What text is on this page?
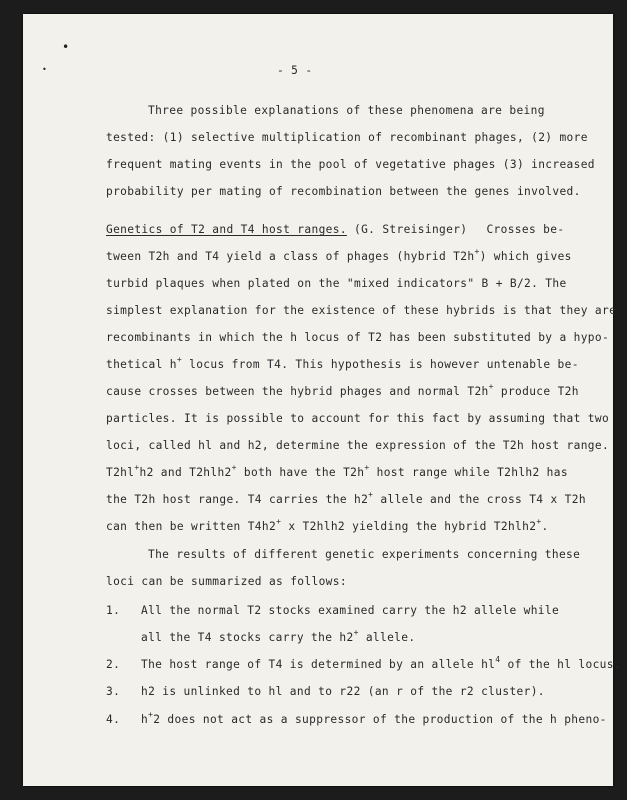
•
•	- 5 -
Three possible explanations of these phenomena are being
tested: (1) selective multiplication of recombinant phages, (2) more
frequent mating events in the pool of vegetative phages (3) increased
probability per mating of recombination between the genes involved.
Genetics of T2 and T4 host ranges. (G. Streisinger) Crosses be-
tween T2h and T4 yield a class of phages (hybrid T2h+) which gives
turbid plaques when plated on the "mixed indicators" B + B/2. The
simplest explanation for the existence of these hybrids is that they are
recombinants in which the h locus of T2 has been substituted by a hypo-
thetical h+ locus from T4. This hypothesis is however untenable be-
cause crosses between the hybrid phages and normal T2h+ produce T2h
particles. It is possible to account for this fact by assuming that two
loci, called hl and h2, determine the expression of the T2h host range.
T2hl+h2 and T2hlh2+ both have the T2h+ host range while T2hlh2 has
the T2h host range. T4 carries the h2+ allele and the cross T4 x T2h
can then be written T4h2+ x T2hlh2 yielding the hybrid T2hlh2+.
The results of different genetic experiments concerning these
loci can be summarized as follows:
1. All the normal T2 stocks examined carry the h2 allele while
all the T4 stocks carry the h2+ allele.
2. The host range of T4 is determined by an allele $hl^4$ of the hl locus.
3. h2 is unlinked to hl and to r22 (an r of the r2 cluster).
4. h+2 does not act as a suppressor of the production of the h pheno-
